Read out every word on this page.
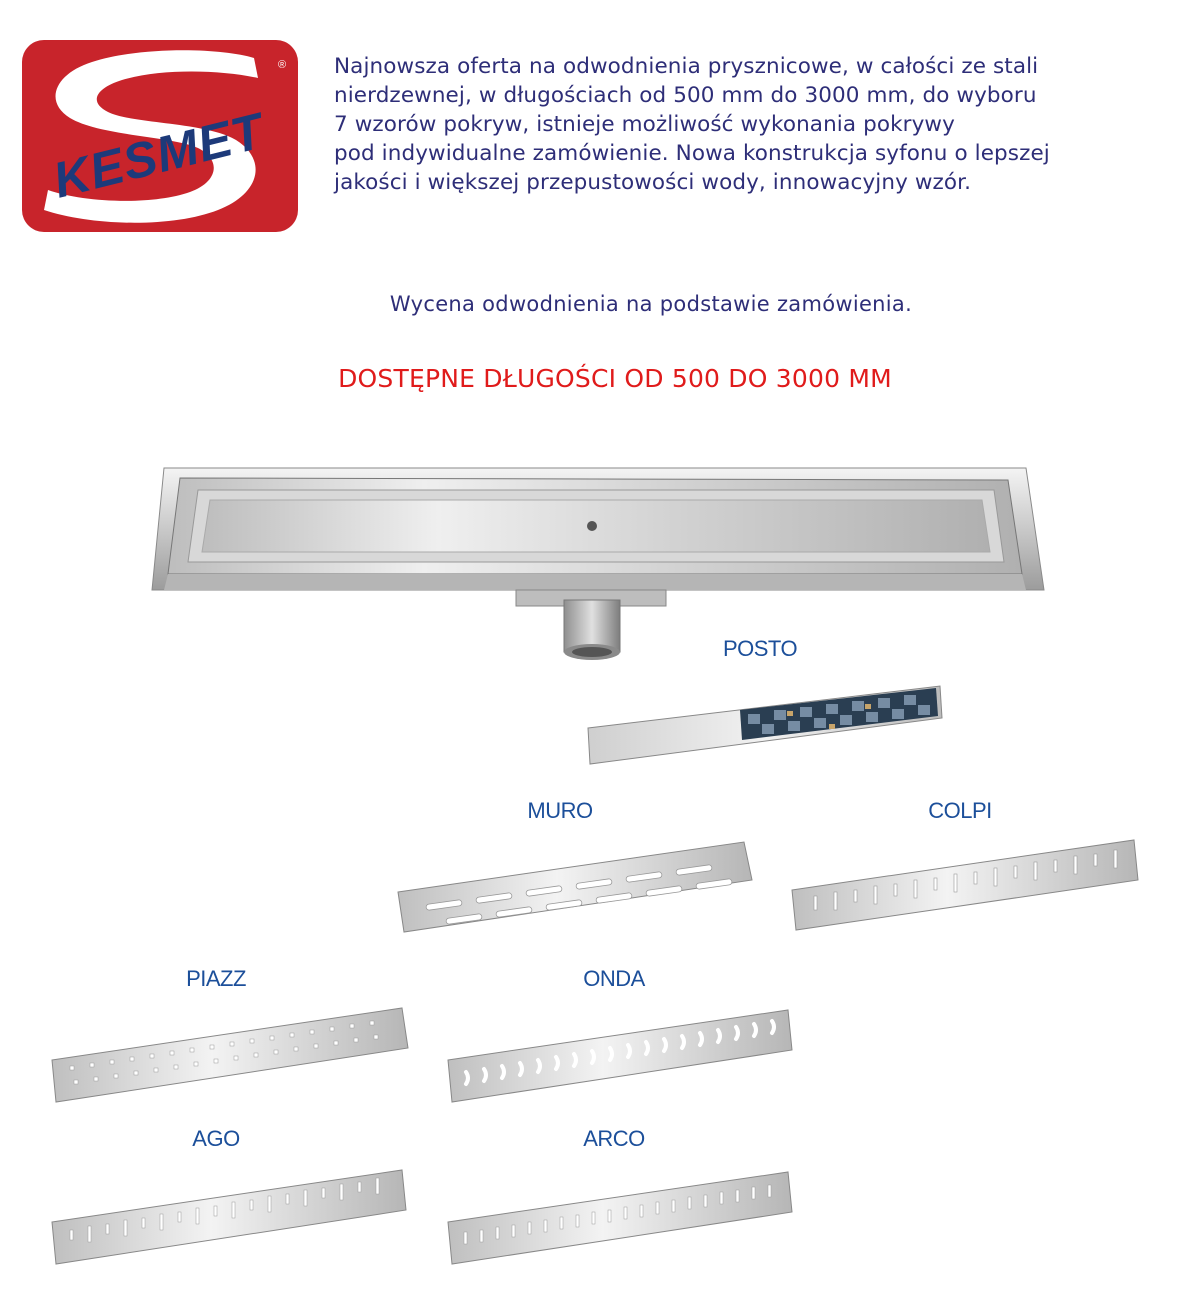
KESMET
® Najnowsza oferta na odwodnienia prysznicowe, w całości ze stali
nierdzewnej, w długościach od 500 mm do 3000 mm, do wyboru
7 wzorów pokryw, istnieje możliwość wykonania pokrywy
pod indywidualne zamówienie. Nowa konstrukcja syfonu o lepszej
jakości i większej przepustowości wody, innowacyjny wzór.
Wycena odwodnienia na podstawie zamówienia.
DOSTĘPNE DŁUGOŚCI OD 500 DO 3000 MM
POSTO
MURO	COLPI
PIAZZ	ONDA
AGO	ARCO
